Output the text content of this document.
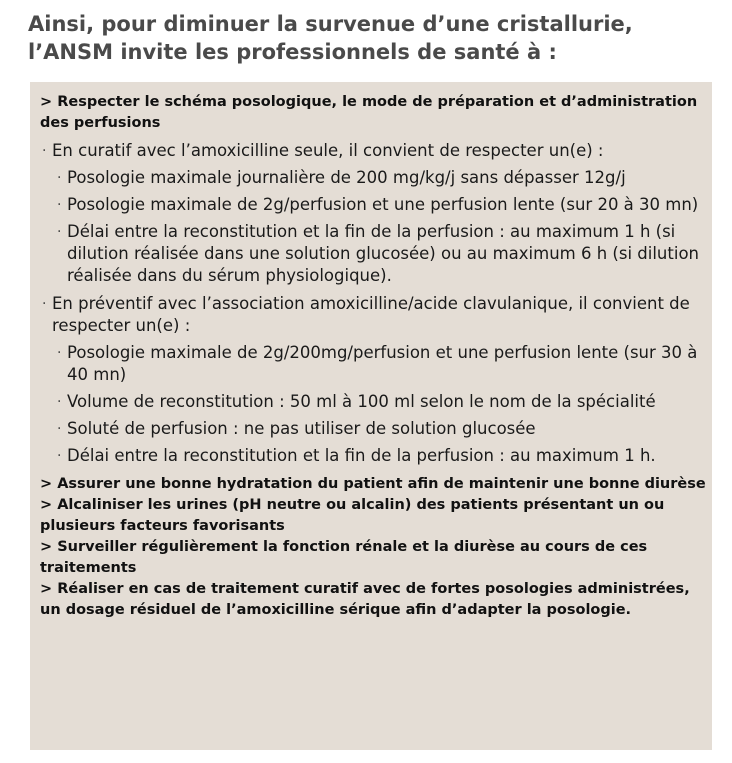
Ainsi, pour diminuer la survenue d’une cristallurie,
l’ANSM invite les professionnels de santé à :
> Respecter le schéma posologique, le mode de préparation et d’administration des perfusions
· En curatif avec l’amoxicilline seule, il convient de respecter un(e) :
· Posologie maximale journalière de 200 mg/kg/j sans dépasser 12g/j
· Posologie maximale de 2g/perfusion et une perfusion lente (sur 20 à 30 mn)
· Délai entre la reconstitution et la fin de la perfusion : au maximum 1 h (si dilution réalisée dans une solution glucosée) ou au maximum 6 h (si dilution réalisée dans du sérum physiologique).
· En préventif avec l’association amoxicilline/acide clavulanique, il convient de respecter un(e) :
· Posologie maximale de 2g/200mg/perfusion et une perfusion lente (sur 30 à 40 mn)
· Volume de reconstitution : 50 ml à 100 ml selon le nom de la spécialité
· Soluté de perfusion : ne pas utiliser de solution glucosée
· Délai entre la reconstitution et la fin de la perfusion : au maximum 1 h.
> Assurer une bonne hydratation du patient afin de maintenir une bonne diurèse
> Alcaliniser les urines (pH neutre ou alcalin) des patients présentant un ou plusieurs facteurs favorisants
> Surveiller régulièrement la fonction rénale et la diurèse au cours de ces traitements
> Réaliser en cas de traitement curatif avec de fortes posologies administrées, un dosage résiduel de l’amoxicilline sérique afin d’adapter la posologie.
